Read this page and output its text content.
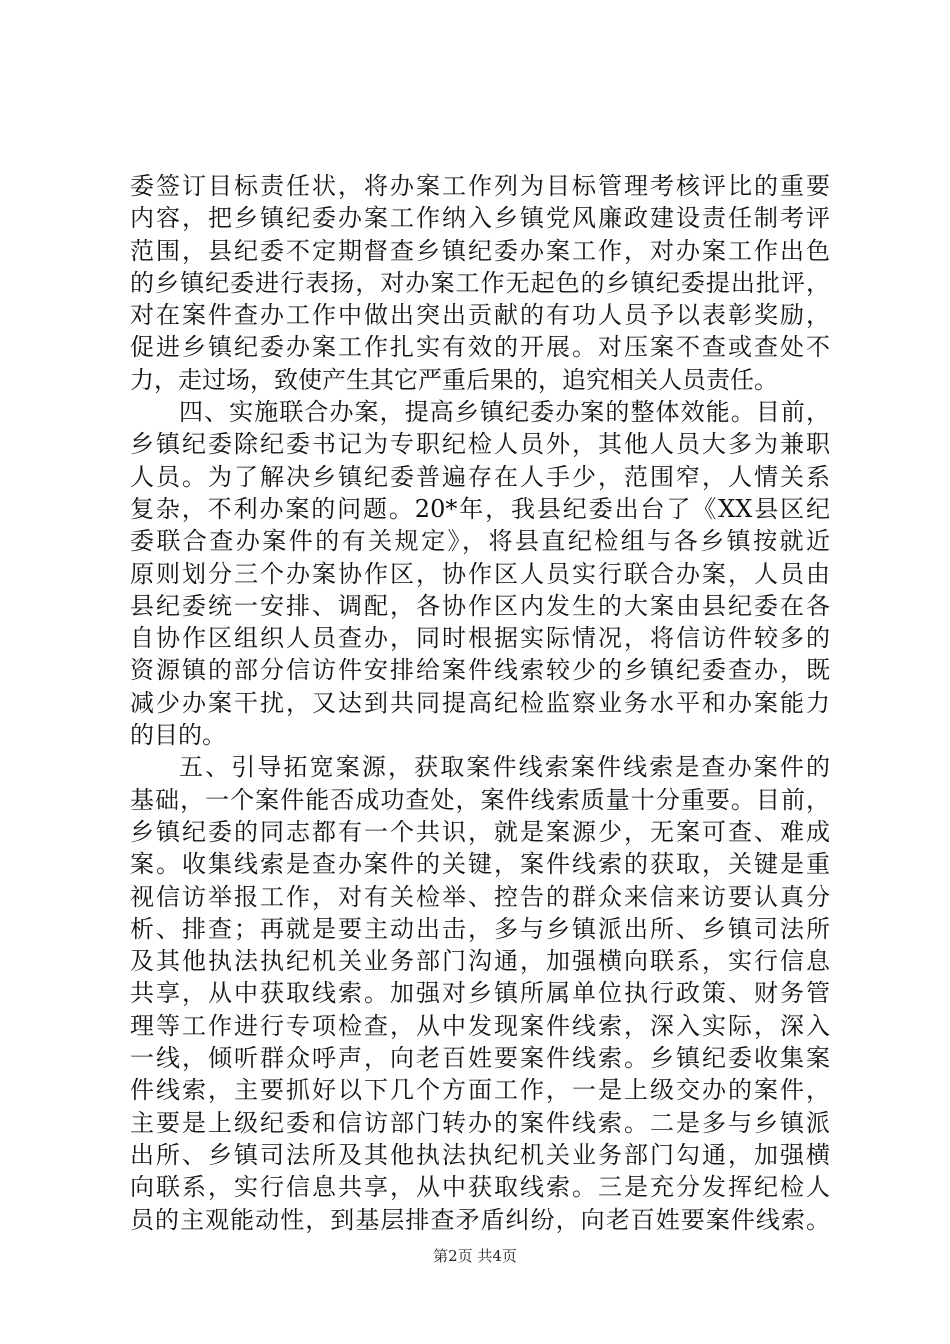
委签订目标责任状，将办案工作列为目标管理考核评比的重要
内容，把乡镇纪委办案工作纳入乡镇党风廉政建设责任制考评
范围，县纪委不定期督查乡镇纪委办案工作，对办案工作出色
的乡镇纪委进行表扬，对办案工作无起色的乡镇纪委提出批评，
对在案件查办工作中做出突出贡献的有功人员予以表彰奖励，
促进乡镇纪委办案工作扎实有效的开展。对压案不查或查处不
力，走过场，致使产生其它严重后果的，追究相关人员责任。
四、实施联合办案，提高乡镇纪委办案的整体效能。目前，
乡镇纪委除纪委书记为专职纪检人员外，其他人员大多为兼职
人员。为了解决乡镇纪委普遍存在人手少，范围窄，人情关系
复杂，不利办案的问题。20*年，我县纪委出台了《XX县区纪
委联合查办案件的有关规定》，将县直纪检组与各乡镇按就近
原则划分三个办案协作区，协作区人员实行联合办案，人员由
县纪委统一安排、调配，各协作区内发生的大案由县纪委在各
自协作区组织人员查办，同时根据实际情况，将信访件较多的
资源镇的部分信访件安排给案件线索较少的乡镇纪委查办，既
减少办案干扰，又达到共同提高纪检监察业务水平和办案能力
的目的。
五、引导拓宽案源，获取案件线索案件线索是查办案件的
基础，一个案件能否成功查处，案件线索质量十分重要。目前，
乡镇纪委的同志都有一个共识，就是案源少，无案可查、难成
案。收集线索是查办案件的关键，案件线索的获取，关键是重
视信访举报工作，对有关检举、控告的群众来信来访要认真分
析、排查；再就是要主动出击，多与乡镇派出所、乡镇司法所
及其他执法执纪机关业务部门沟通，加强横向联系，实行信息
共享，从中获取线索。加强对乡镇所属单位执行政策、财务管
理等工作进行专项检查，从中发现案件线索，深入实际，深入
一线，倾听群众呼声，向老百姓要案件线索。乡镇纪委收集案
件线索，主要抓好以下几个方面工作，一是上级交办的案件，
主要是上级纪委和信访部门转办的案件线索。二是多与乡镇派
出所、乡镇司法所及其他执法执纪机关业务部门勾通，加强横
向联系，实行信息共享，从中获取线索。三是充分发挥纪检人
员的主观能动性，到基层排查矛盾纠纷，向老百姓要案件线索。
第2页 共4页
